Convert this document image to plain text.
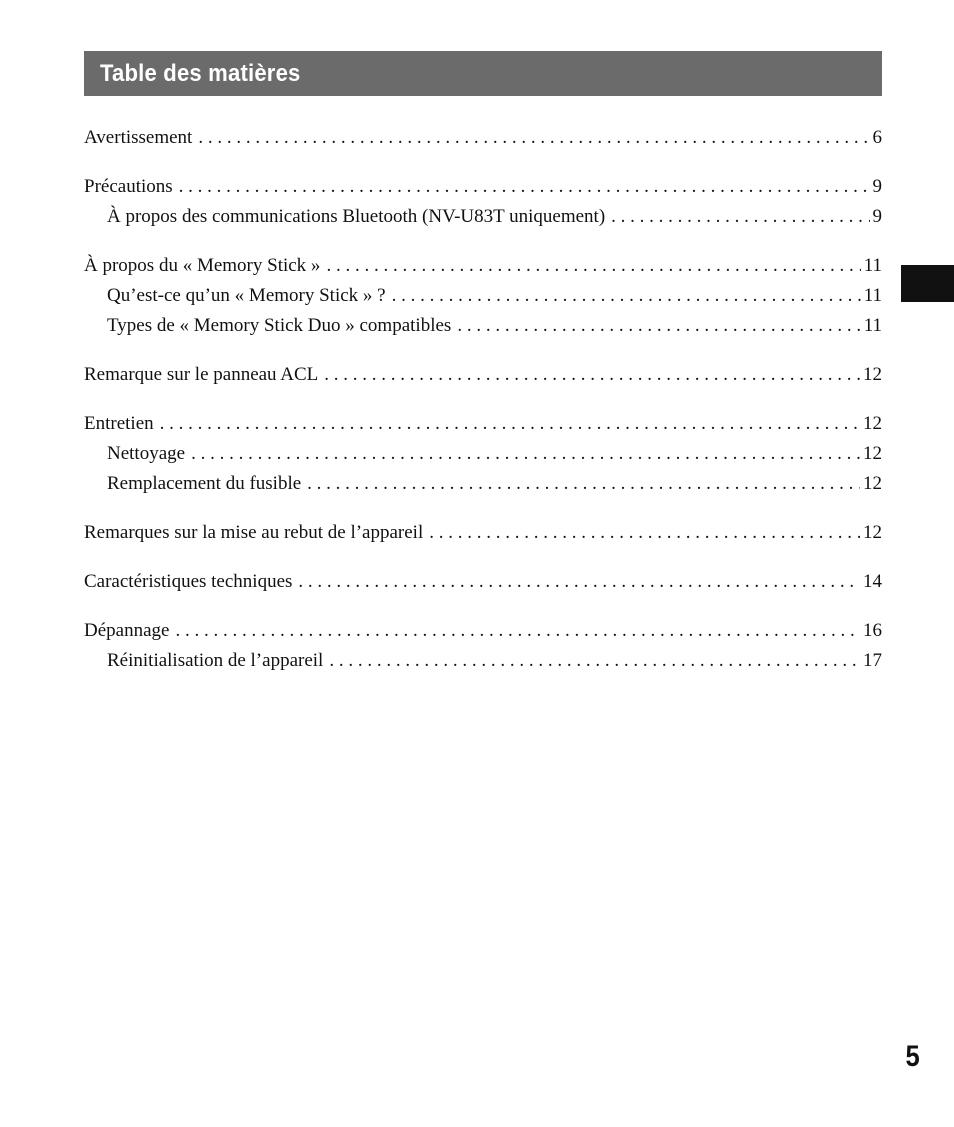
Table des matières
Avertissement . . .	6
Précautions . . .	9
À propos des communications Bluetooth (NV-U83T uniquement) . . .	9
À propos du « Memory Stick » . . .	11
Qu’est-ce qu’un « Memory Stick » ? . . .	11
Types de « Memory Stick Duo » compatibles . . .	11
Remarque sur le panneau ACL . . .	12
Entretien . . .	12
Nettoyage . . .	12
Remplacement du fusible . . .	12
Remarques sur la mise au rebut de l’appareil . . .	12
Caractéristiques techniques . . .	14
Dépannage . . .	16
Réinitialisation de l’appareil . . .	17
5
